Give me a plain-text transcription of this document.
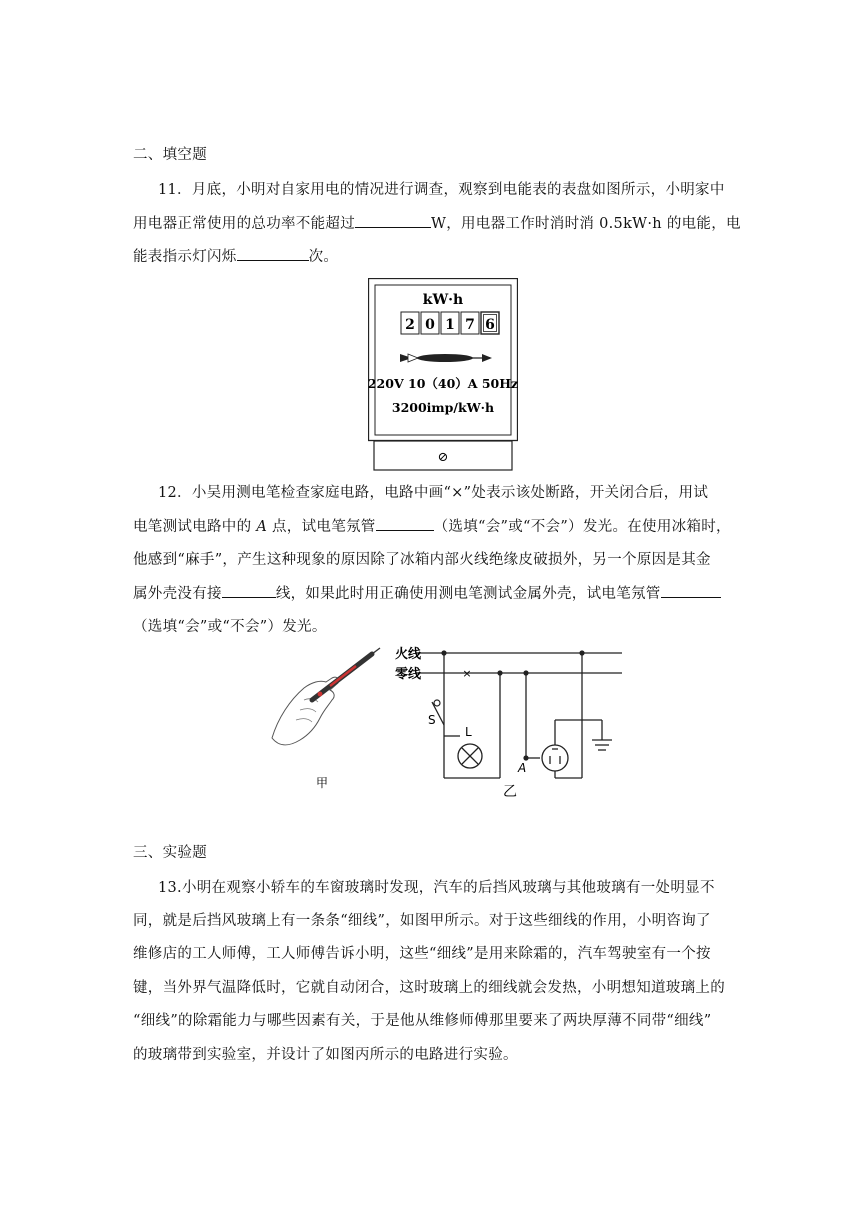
二、填空题
11．月底，小明对自家用电的情况进行调查，观察到电能表的表盘如图所示，小明家中
用电器正常使用的总功率不能超过	W，用电器工作时消时消 0.5kW·h 的电能，电
能表指示灯闪烁	次。
kW·h
2 0 1 7 6
220V 10（40）A 50Hz
3200imp/kW·h
⊘
12．小吴用测电笔检查家庭电路，电路中画“×”处表示该处断路，开关闭合后，用试
电笔测试电路中的 A 点，试电笔氖管	（选填“会”或“不会”）发光。在使用冰箱时，
他感到“麻手”，产生这种现象的原因除了冰箱内部火线绝缘皮破损外，另一个原因是其金
属外壳没有接	线，如果此时用正确使用测电笔测试金属外壳，试电笔氖管
（选填“会”或“不会”）发光。
甲
火线
零线	×
S
L
A
乙
三、实验题
13.小明在观察小轿车的车窗玻璃时发现，汽车的后挡风玻璃与其他玻璃有一处明显不
同，就是后挡风玻璃上有一条条“细线”，如图甲所示。对于这些细线的作用，小明咨询了
维修店的工人师傅，工人师傅告诉小明，这些“细线”是用来除霜的，汽车驾驶室有一个按
键，当外界气温降低时，它就自动闭合，这时玻璃上的细线就会发热，小明想知道玻璃上的
“细线”的除霜能力与哪些因素有关，于是他从维修师傅那里要来了两块厚薄不同带“细线”
的玻璃带到实验室，并设计了如图丙所示的电路进行实验。
